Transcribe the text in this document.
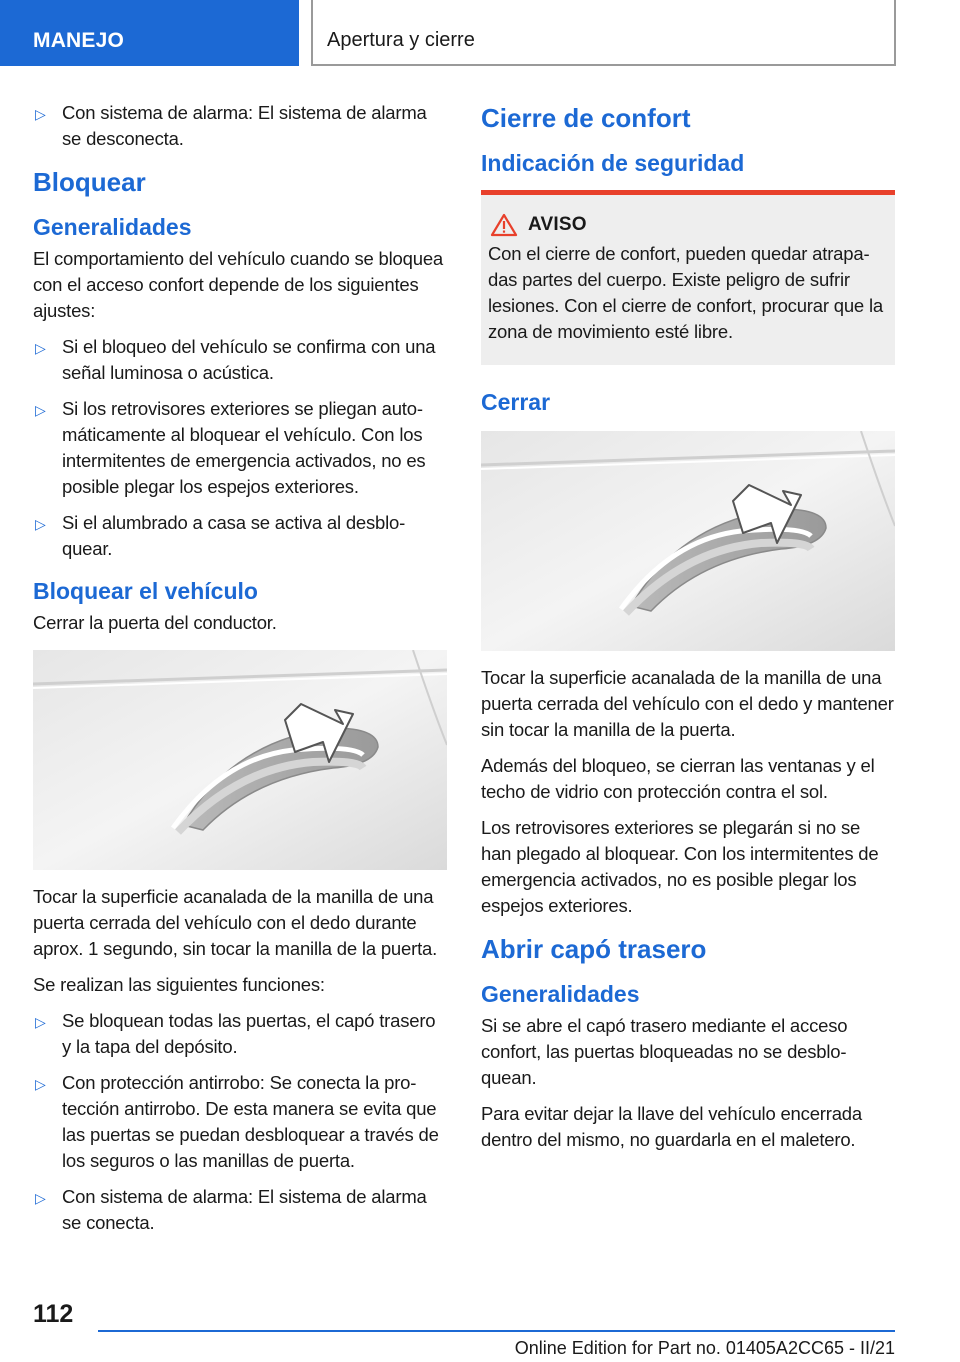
MANEJO	Apertura y cierre
▷ Con sistema de alarma: El sistema de alarma se desconecta.
Bloquear
Generalidades

El comportamiento del vehículo cuando se bloquea con el acceso confort depende de los siguientes ajustes:

▷ Si el bloqueo del vehículo se confirma con una señal luminosa o acústica.
▷ Si los retrovisores exteriores se pliegan automáticamente al bloquear el vehículo. Con los intermitentes de emergencia activados, no es posible plegar los espejos exteriores.
▷ Si el alumbrado a casa se activa al desbloquear.
Bloquear el vehículo

Cerrar la puerta del conductor.

Tocar la superficie acanalada de la manilla de una puerta cerrada del vehículo con el dedo durante aprox. 1 segundo, sin tocar la manilla de la puerta.

Se realizan las siguientes funciones:

▷ Se bloquean todas las puertas, el capó trasero y la tapa del depósito.
▷ Con protección antirrobo: Se conecta la protección antirrobo. De esta manera se evita que las puertas se puedan desbloquear a través de los seguros o las manillas de puerta.
▷ Con sistema de alarma: El sistema de alarma se conecta.
Cierre de confort
Indicación de seguridad
AVISO

Con el cierre de confort, pueden quedar atrapadas partes del cuerpo. Existe peligro de sufrir lesiones. Con el cierre de confort, procurar que la zona de movimiento esté libre.

Cerrar

Tocar la superficie acanalada de la manilla de una puerta cerrada del vehículo con el dedo y mantener sin tocar la manilla de la puerta.

Además del bloqueo, se cierran las ventanas y el techo de vidrio con protección contra el sol.

Los retrovisores exteriores se plegarán si no se han plegado al bloquear. Con los intermitentes de emergencia activados, no es posible plegar los espejos exteriores.

Abrir capó trasero
Generalidades

Si se abre el capó trasero mediante el acceso confort, las puertas bloqueadas no se desbloquean.

Para evitar dejar la llave del vehículo encerrada dentro del mismo, no guardarla en el maletero.

112
Online Edition for Part no. 01405A2CC65 - II/21
